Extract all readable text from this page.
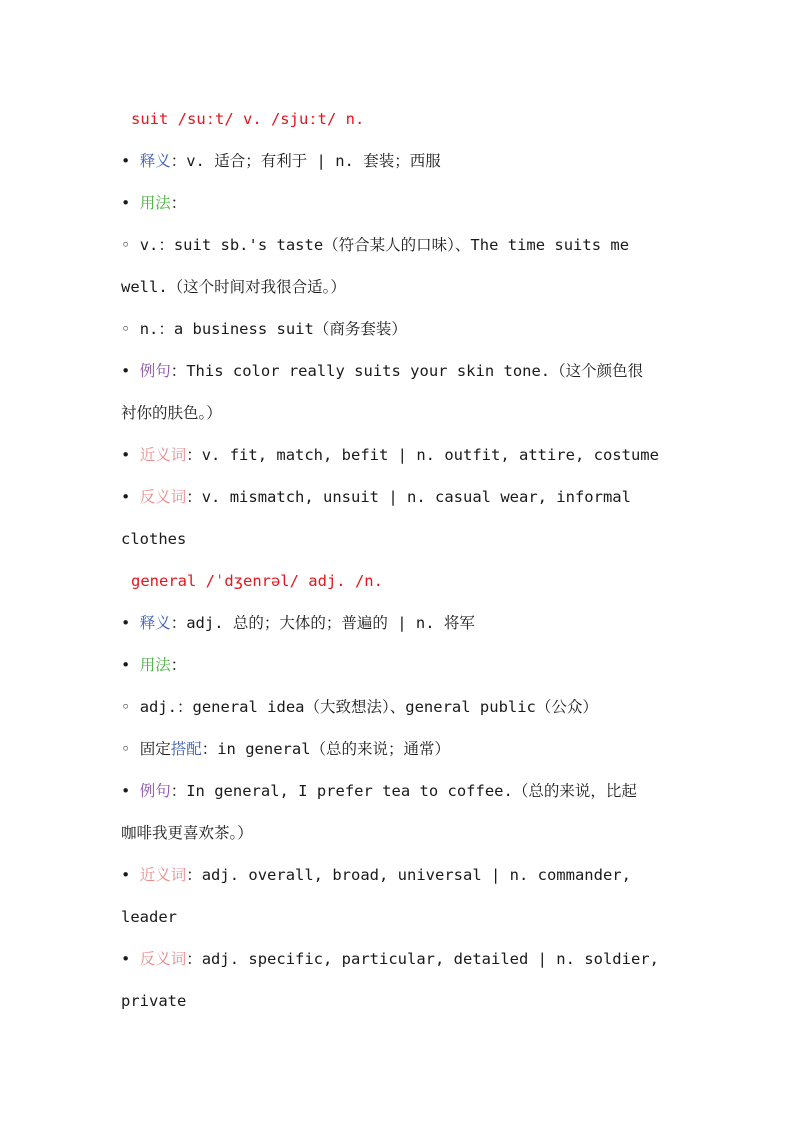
suit /suːt/ v. /sjuːt/ n.
• 释义：v. 适合；有利于 | n. 套装；西服
• 用法：
◦ v.：suit sb.'s taste（符合某人的口味）、The time suits me
well.（这个时间对我很合适。）
◦ n.：a business suit（商务套装）
• 例句：This color really suits your skin tone.（这个颜色很
衬你的肤色。）
• 近义词：v. fit, match, befit | n. outfit, attire, costume
• 反义词：v. mismatch, unsuit | n. casual wear, informal
clothes
general /ˈdʒenrəl/ adj. /n.
• 释义：adj. 总的；大体的；普遍的 | n. 将军
• 用法：
◦ adj.：general idea（大致想法）、general public（公众）
◦ 固定搭配：in general（总的来说；通常）
• 例句：In general, I prefer tea to coffee.（总的来说，比起
咖啡我更喜欢茶。）
• 近义词：adj. overall, broad, universal | n. commander,
leader
• 反义词：adj. specific, particular, detailed | n. soldier,
private
